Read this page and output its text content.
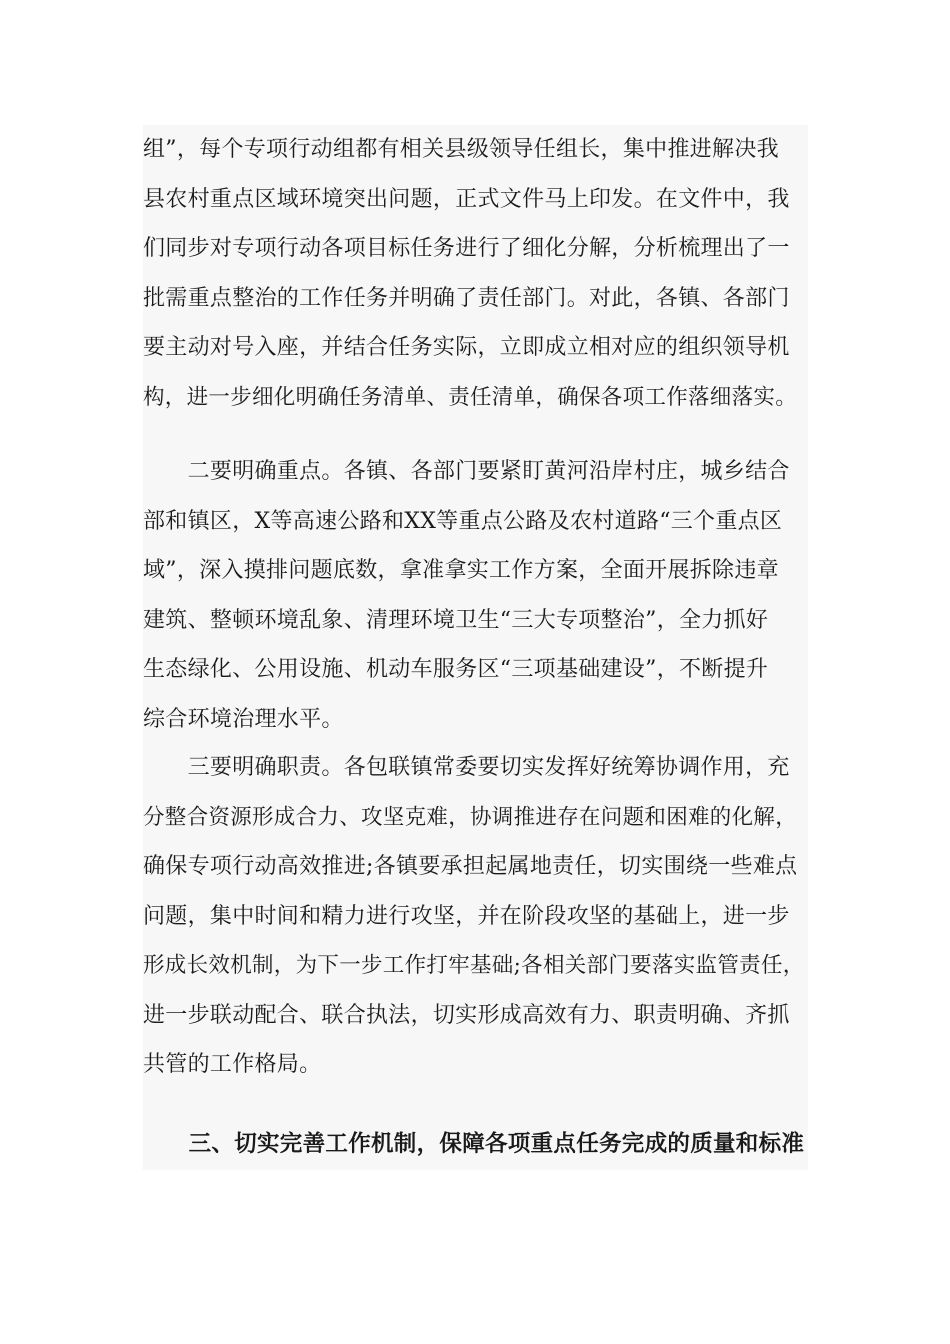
组”，每个专项行动组都有相关县级领导任组长，集中推进解决我
县农村重点区域环境突出问题，正式文件马上印发。在文件中，我
们同步对专项行动各项目标任务进行了细化分解，分析梳理出了一
批需重点整治的工作任务并明确了责任部门。对此，各镇、各部门
要主动对号入座，并结合任务实际，立即成立相对应的组织领导机
构，进一步细化明确任务清单、责任清单，确保各项工作落细落实。
　　二要明确重点。各镇、各部门要紧盯黄河沿岸村庄，城乡结合
部和镇区，X等高速公路和XX等重点公路及农村道路“三个重点区
域”，深入摸排问题底数，拿准拿实工作方案，全面开展拆除违章
建筑、整顿环境乱象、清理环境卫生“三大专项整治”，全力抓好
生态绿化、公用设施、机动车服务区“三项基础建设”，不断提升
综合环境治理水平。
　　三要明确职责。各包联镇常委要切实发挥好统筹协调作用，充
分整合资源形成合力、攻坚克难，协调推进存在问题和困难的化解，
确保专项行动高效推进;各镇要承担起属地责任，切实围绕一些难点
问题，集中时间和精力进行攻坚，并在阶段攻坚的基础上，进一步
形成长效机制，为下一步工作打牢基础;各相关部门要落实监管责任，
进一步联动配合、联合执法，切实形成高效有力、职责明确、齐抓
共管的工作格局。
　　三、切实完善工作机制，保障各项重点任务完成的质量和标准
